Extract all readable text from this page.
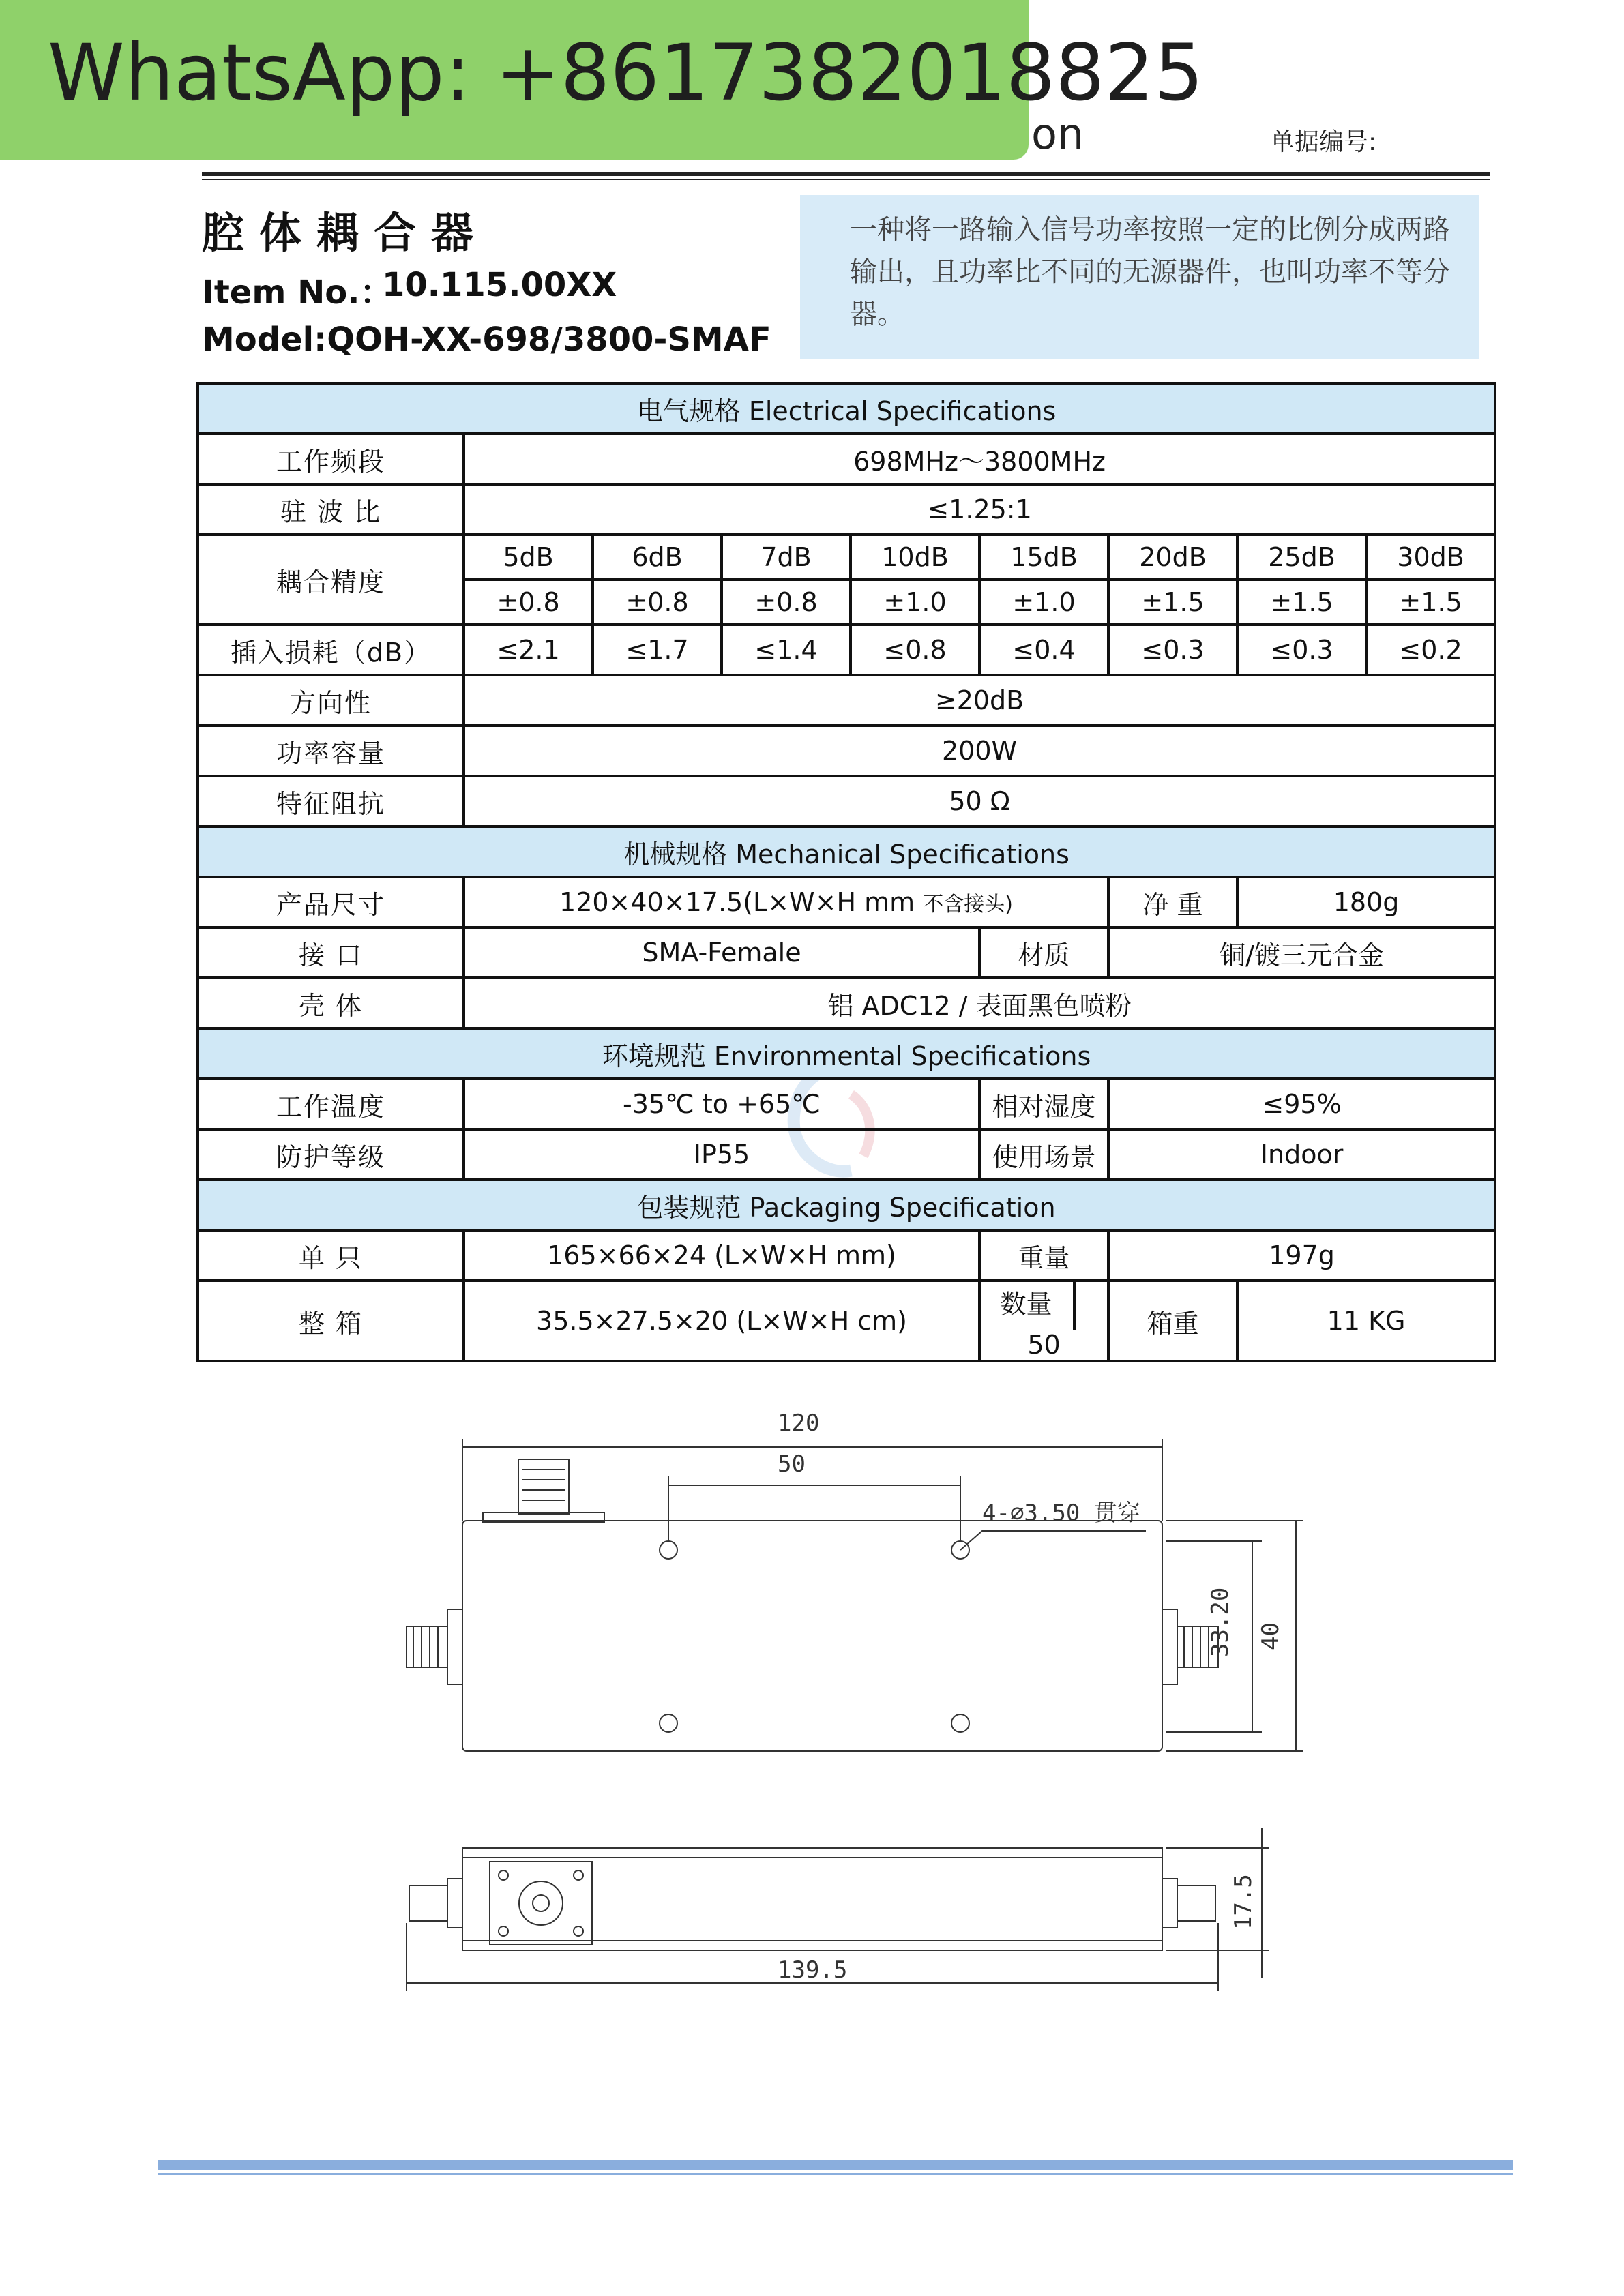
WhatsApp: +8617382018825
on	单据编号:
腔体耦合器
Item No.：
10.115.00XX
Model:QOH-XX-698/3800-SMAF
一种将一路输入信号功率按照一定的比例分成两路输出，且功率比不同的无源器件，也叫功率不等分器。
电气规格 Electrical Specifications								
工作频段	698MHz～3800MHz							
驻 波 比	≤1.25:1							
耦合精度	5dB	6dB	7dB	10dB	15dB	20dB	25dB	30dB
	±0.8	±0.8	±0.8	±1.0	±1.0	±1.5	±1.5	±1.5
插入损耗（dB）	≤2.1	≤1.7	≤1.4	≤0.8	≤0.4	≤0.3	≤0.3	≤0.2
方向性	≥20dB							
功率容量	200W							
特征阻抗	50 Ω							
机械规格 Mechanical Specifications								
产品尺寸	120×40×17.5(L×W×H mm 不含接头)					净 重	180g	
接 口	SMA-Female				材质	铜/镀三元合金		
壳 体	铝 ADC12 / 表面黑色喷粉							
环境规范 Environmental Specifications								
工作温度	-35℃ to +65℃				相对湿度	≤95%		
防护等级	IP55				使用场景	Indoor		
包装规范 Packaging Specification								
单 只	165×66×24 (L×W×H mm)				重量	197g		
整 箱	35.5×27.5×20 (L×W×H cm)				数量  50	箱重	11 KG	
120
50
4-∅3.50 贯穿
33.20 40
17.5
139.5
